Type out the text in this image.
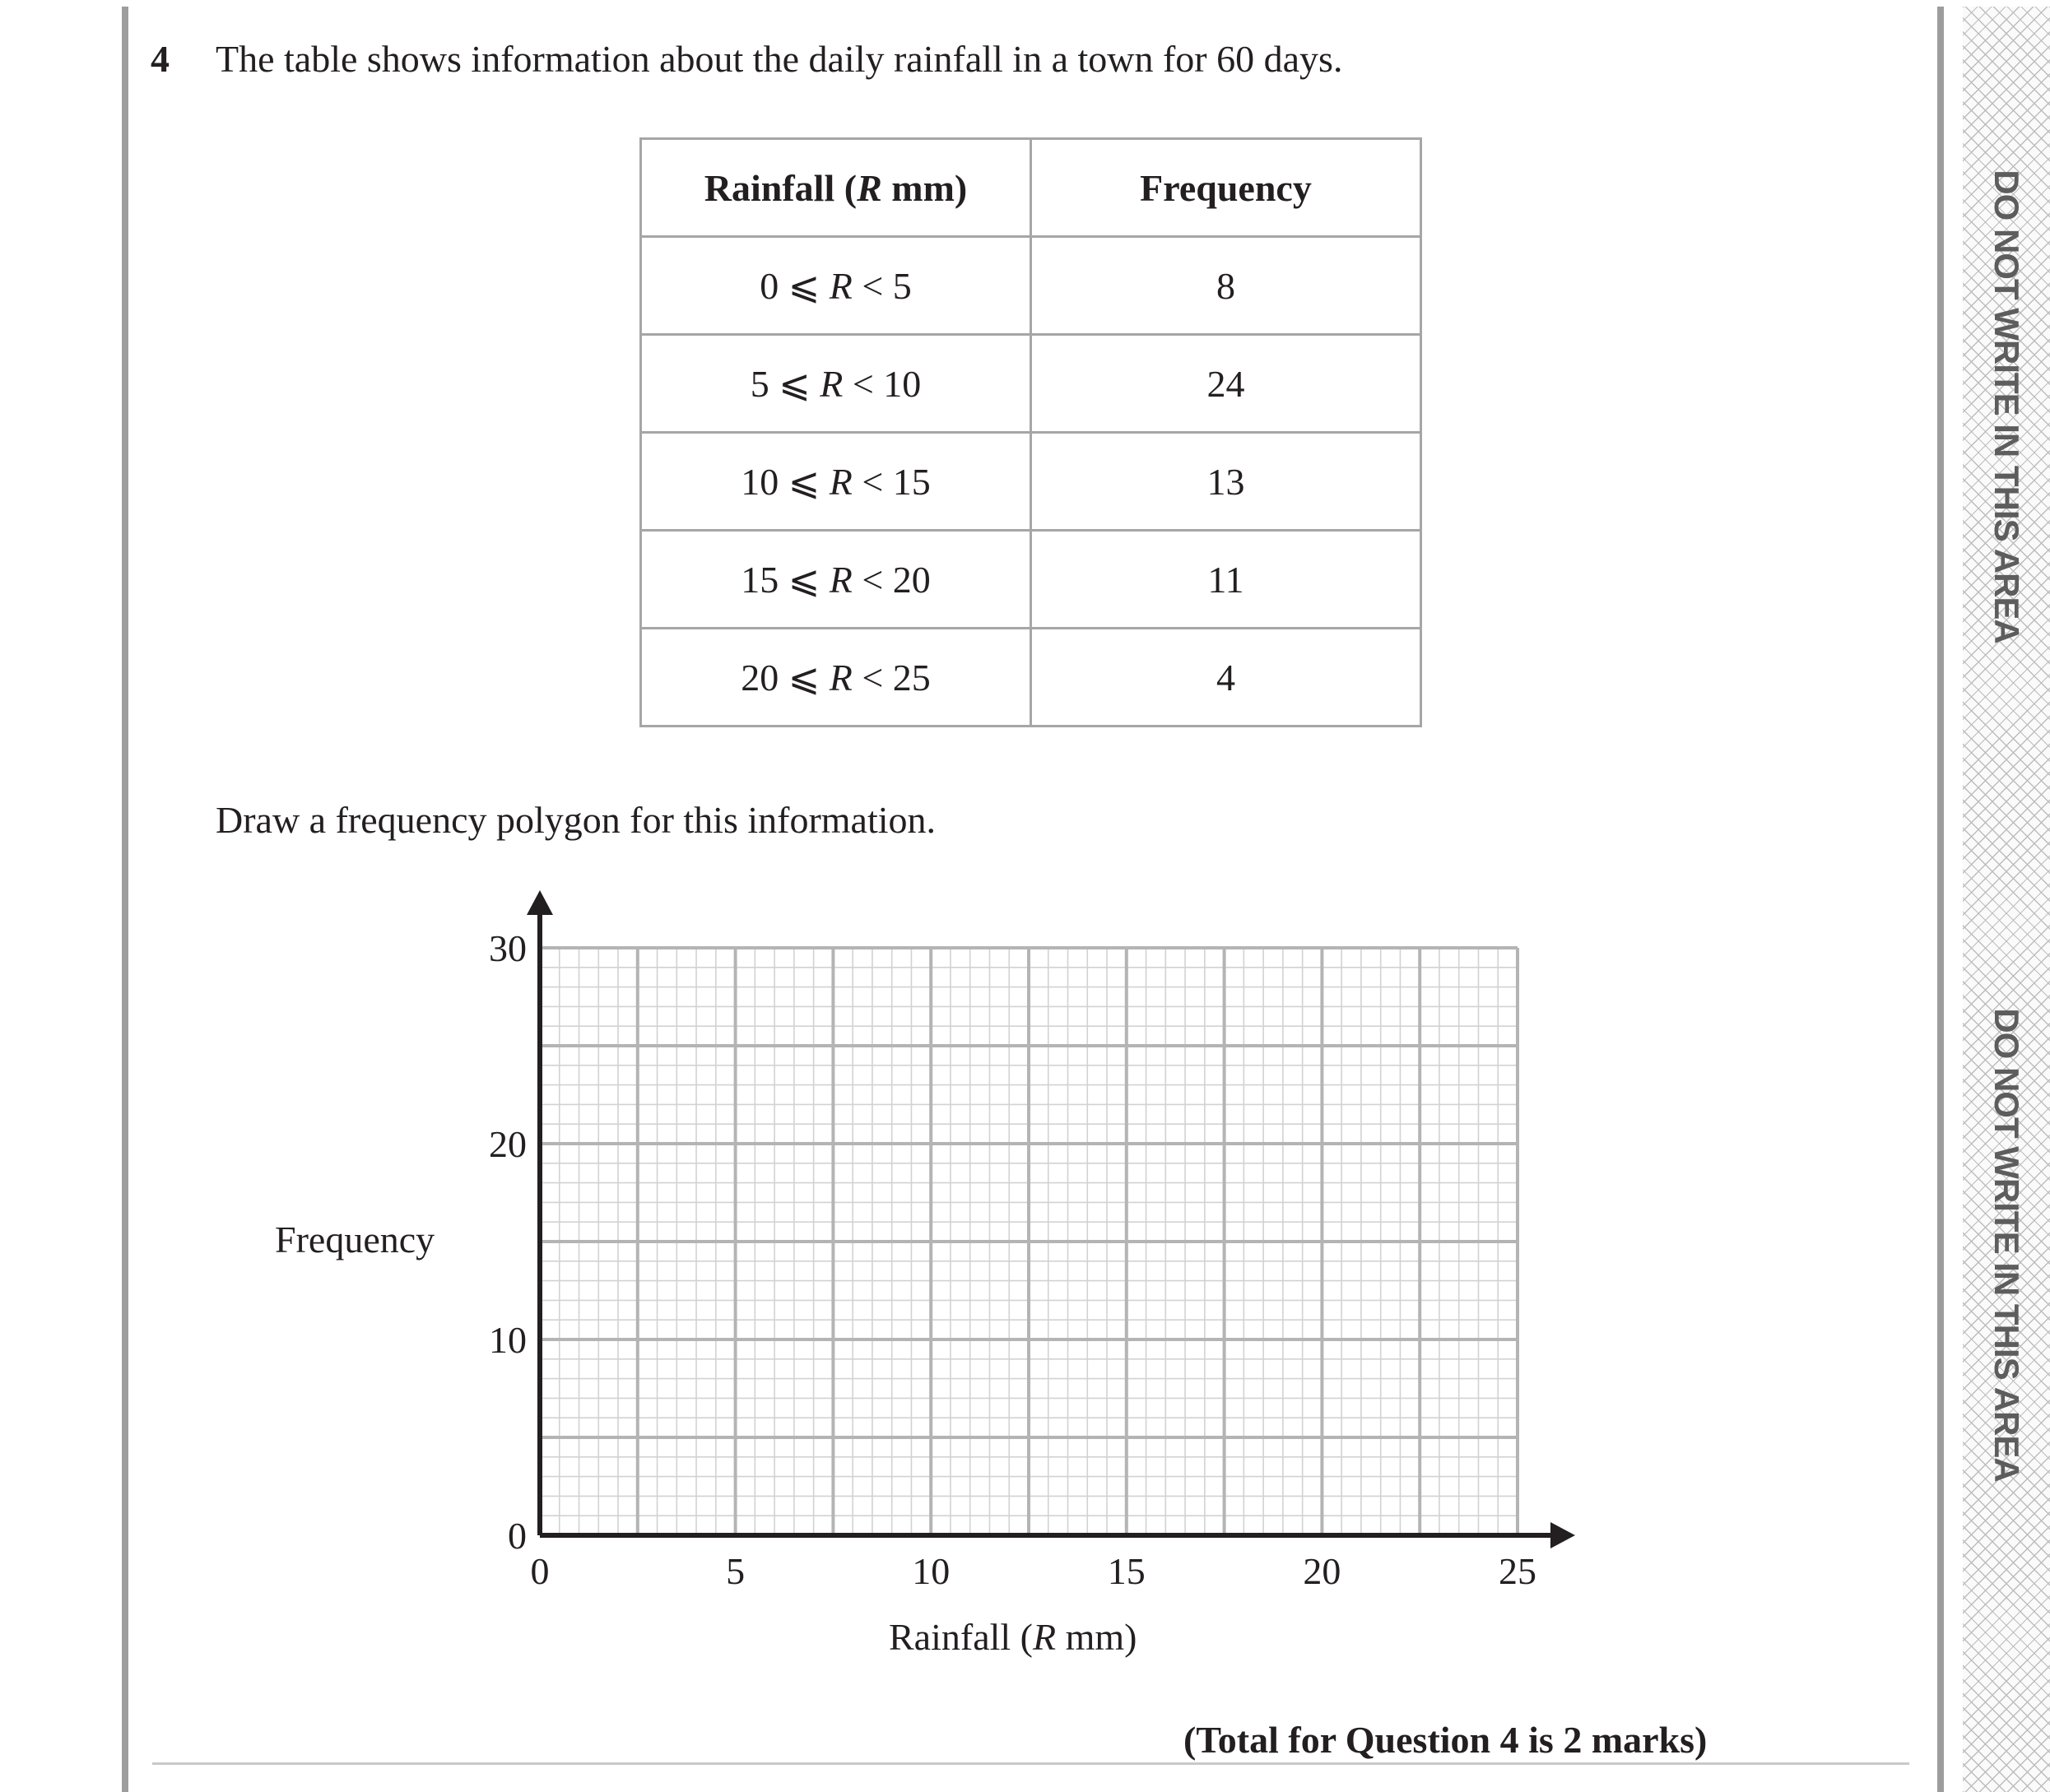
DO NOT WRITE IN THIS AREA
DO NOT WRITE IN THIS AREA
4 The table shows information about the daily rainfall in a town for 60 days.
Rainfall (R mm)	Frequency
0 ⩽ R < 5	8
5 ⩽ R < 10	24
10 ⩽ R < 15	13
15 ⩽ R < 20	11
20 ⩽ R < 25	4
Draw a frequency polygon for this information.
0	5	10	15	20	25
0
10
20
30
Frequency
Rainfall (R mm)
(Total for Question 4 is 2 marks)
